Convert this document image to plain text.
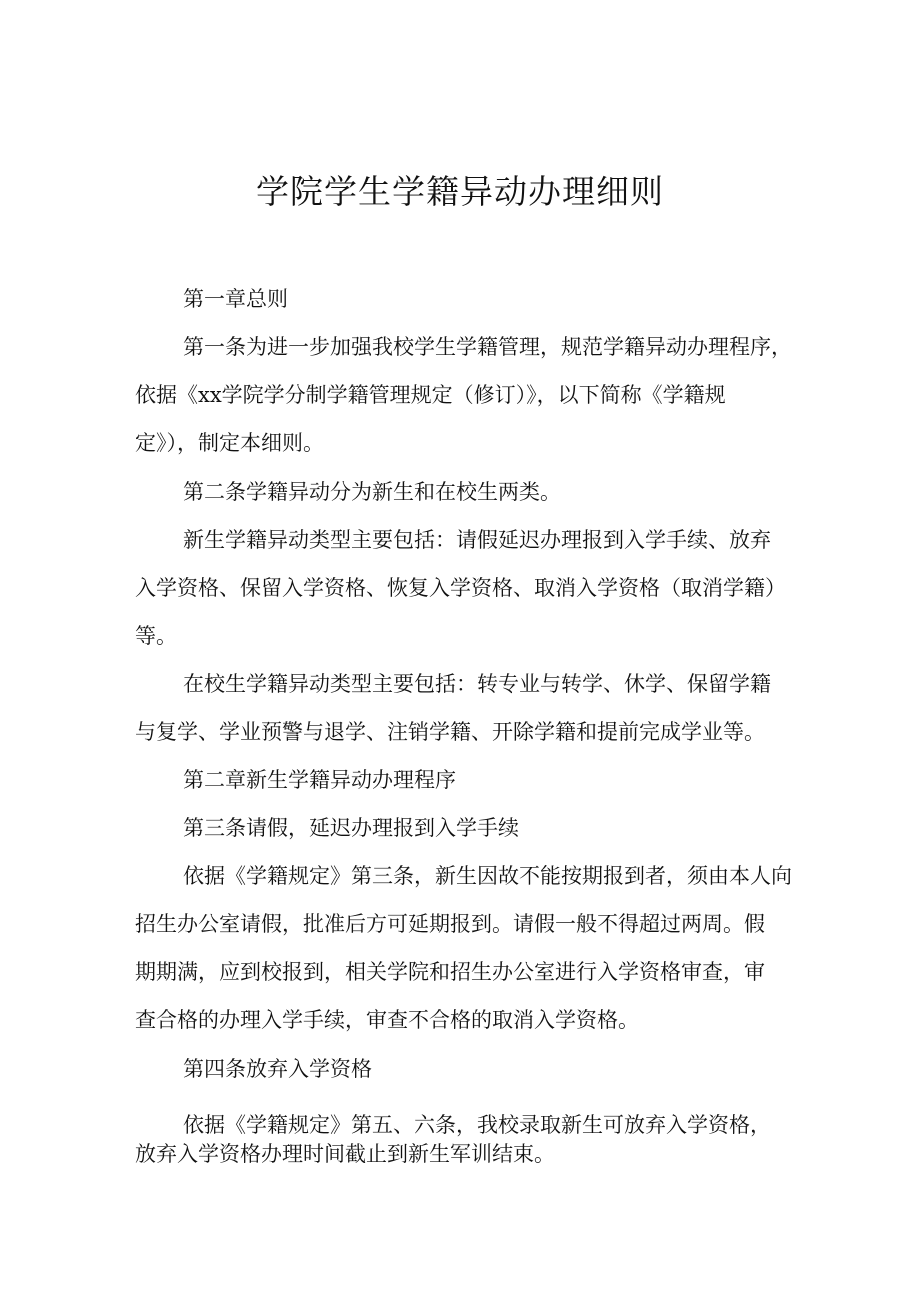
学院学生学籍异动办理细则
第一章总则
第一条为进一步加强我校学生学籍管理，规范学籍异动办理程序，
依据《xx学院学分制学籍管理规定（修订）》，以下简称《学籍规
定》），制定本细则。
第二条学籍异动分为新生和在校生两类。
新生学籍异动类型主要包括：请假延迟办理报到入学手续、放弃
入学资格、保留入学资格、恢复入学资格、取消入学资格（取消学籍）
等。
在校生学籍异动类型主要包括：转专业与转学、休学、保留学籍
与复学、学业预警与退学、注销学籍、开除学籍和提前完成学业等。
第二章新生学籍异动办理程序
第三条请假，延迟办理报到入学手续
依据《学籍规定》第三条，新生因故不能按期报到者，须由本人向
招生办公室请假，批准后方可延期报到。请假一般不得超过两周。假
期期满，应到校报到，相关学院和招生办公室进行入学资格审查，审
查合格的办理入学手续，审查不合格的取消入学资格。
第四条放弃入学资格
依据《学籍规定》第五、六条，我校录取新生可放弃入学资格，
放弃入学资格办理时间截止到新生军训结束。
